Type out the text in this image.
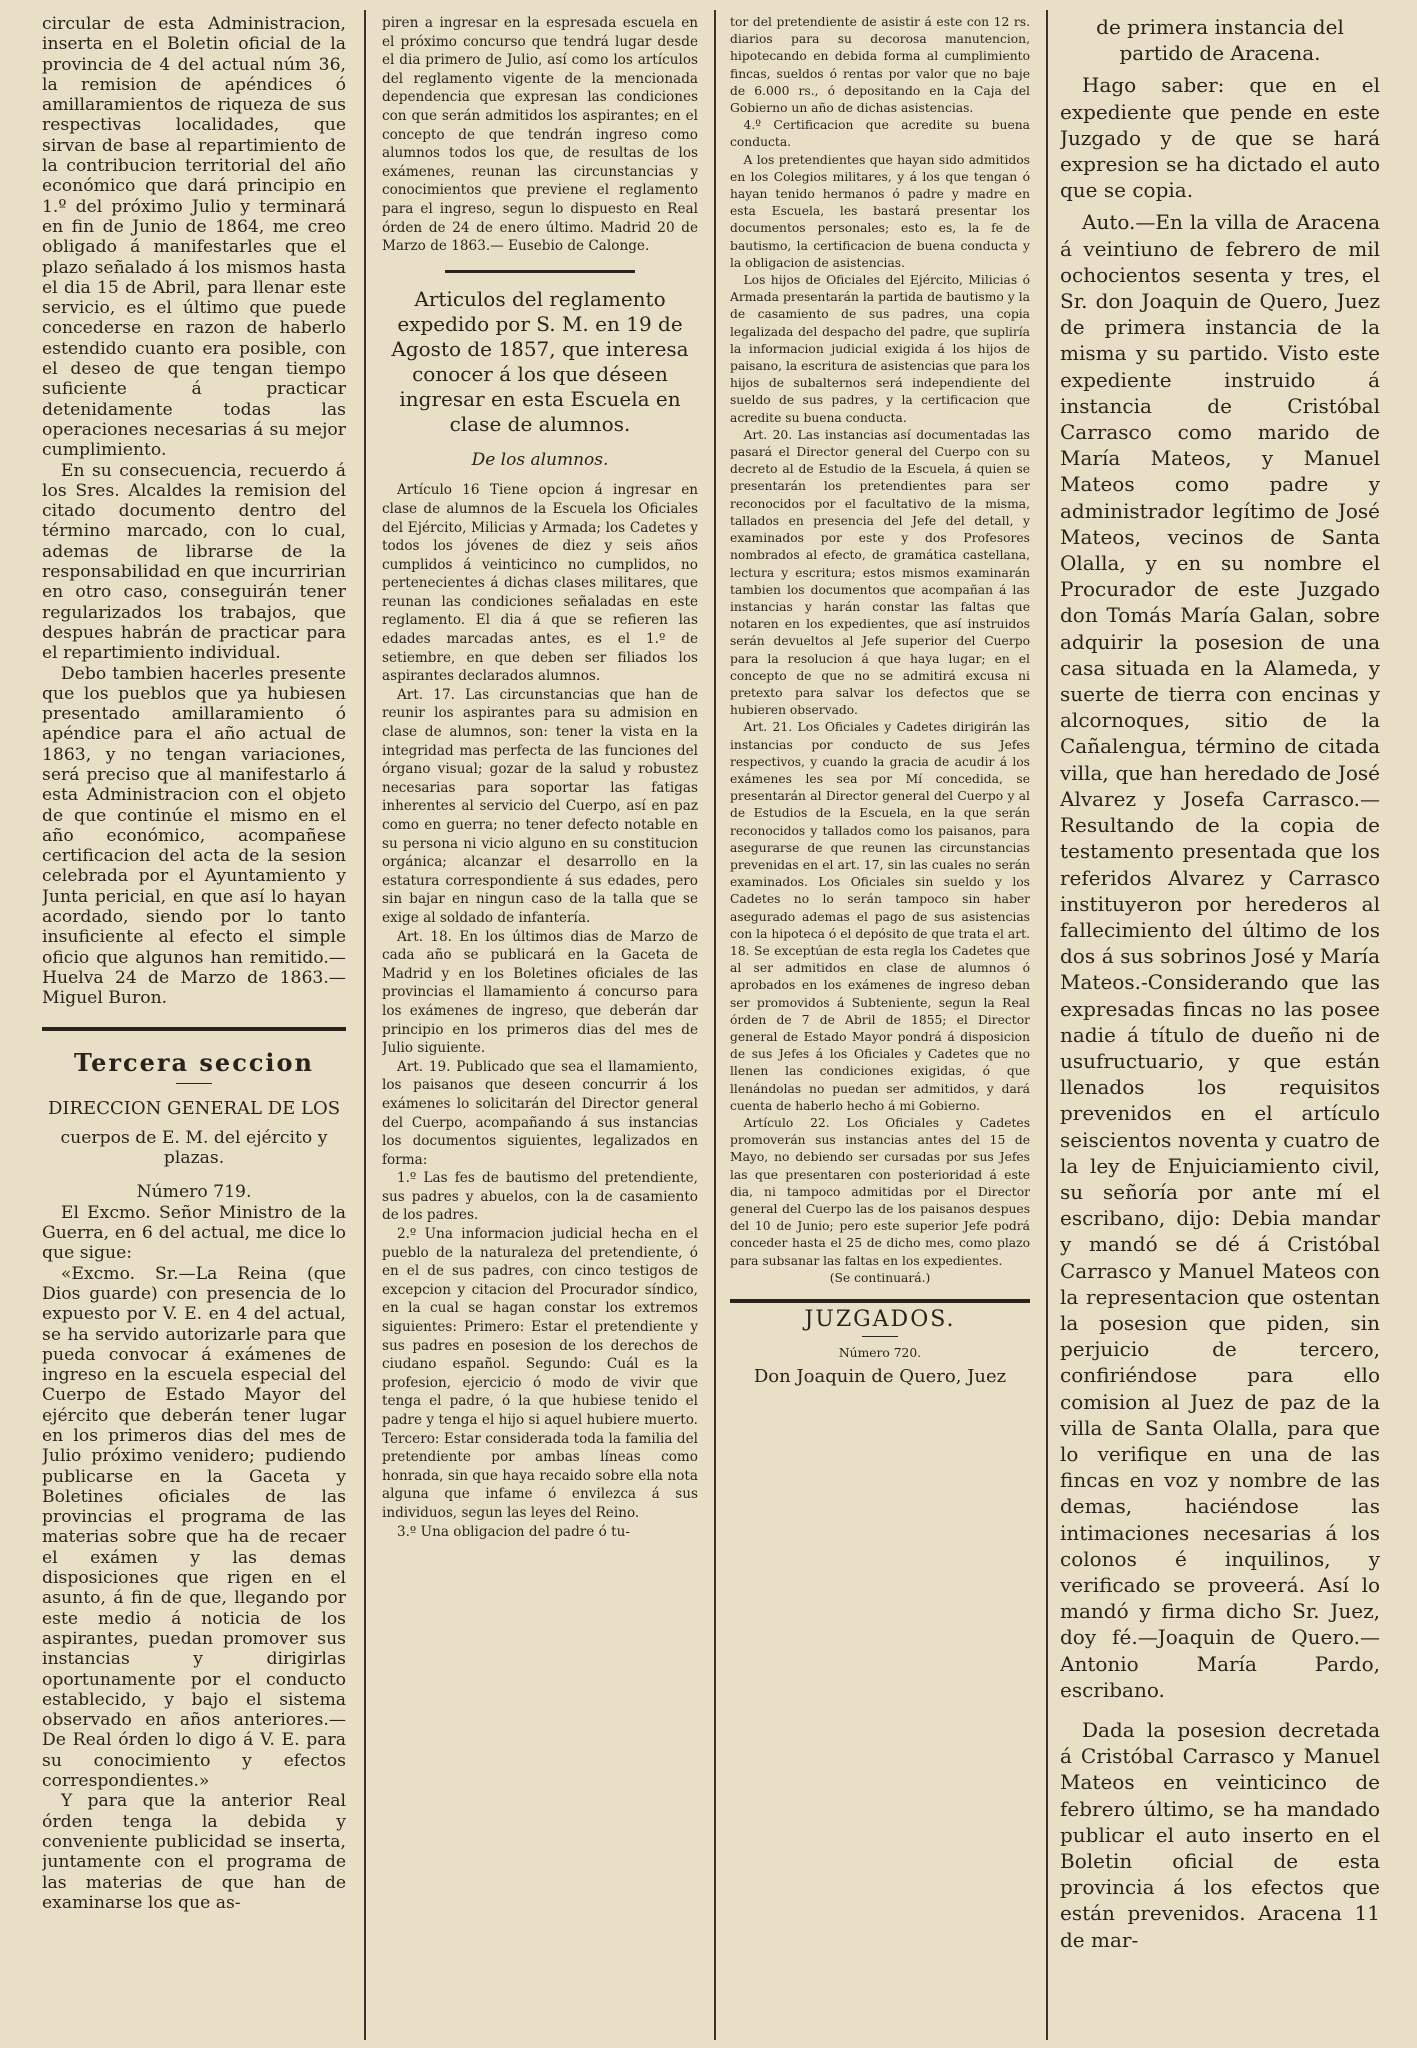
circular de esta Administracion, inserta en el Boletin oficial de la provincia de 4 del actual núm 36, la remision de apéndices ó amillaramientos de riqueza de sus respectivas localidades, que sirvan de base al repartimiento de la contribucion territorial del año económico que dará principio en 1.º del próximo Julio y terminará en fin de Junio de 1864, me creo obligado á manifestarles que el plazo señalado á los mismos hasta el dia 15 de Abril, para llenar este servicio, es el último que puede concederse en razon de haberlo estendido cuanto era posible, con el deseo de que tengan tiempo suficiente á practicar detenidamente todas las operaciones necesarias á su mejor cumplimiento.

En su consecuencia, recuerdo á los Sres. Alcaldes la remision del citado documento dentro del término marcado, con lo cual, ademas de librarse de la responsabilidad en que incurririan en otro caso, conseguirán tener regularizados los trabajos, que despues habrán de practicar para el repartimiento individual.

Debo tambien hacerles presente que los pueblos que ya hubiesen presentado amillaramiento ó apéndice para el año actual de 1863, y no tengan variaciones, será preciso que al manifestarlo á esta Administracion con el objeto de que continúe el mismo en el año económico, acompañese certificacion del acta de la sesion celebrada por el Ayuntamiento y Junta pericial, en que así lo hayan acordado, siendo por lo tanto insuficiente al efecto el simple oficio que algunos han remitido.— Huelva 24 de Marzo de 1863.— Miguel Buron.

Tercera seccion

DIRECCION GENERAL DE LOS

cuerpos de E. M. del ejército y plazas.

Número 719.

El Excmo. Señor Ministro de la Guerra, en 6 del actual, me dice lo que sigue:

«Excmo. Sr.—La Reina (que Dios guarde) con presencia de lo expuesto por V. E. en 4 del actual, se ha servido autorizarle para que pueda convocar á exámenes de ingreso en la escuela especial del Cuerpo de Estado Mayor del ejército que deberán tener lugar en los primeros dias del mes de Julio próximo venidero; pudiendo publicarse en la Gaceta y Boletines oficiales de las provincias el programa de las materias sobre que ha de recaer el exámen y las demas disposiciones que rigen en el asunto, á fin de que, llegando por este medio á noticia de los aspirantes, puedan promover sus instancias y dirigirlas oportunamente por el conducto establecido, y bajo el sistema observado en años anteriores.—De Real órden lo digo á V. E. para su conocimiento y efectos correspondientes.»

Y para que la anterior Real órden tenga la debida y conveniente publicidad se inserta, juntamente con el programa de las materias de que han de examinarse los que as-

piren a ingresar en la espresada escuela en el próximo concurso que tendrá lugar desde el dia primero de Julio, así como los artículos del reglamento vigente de la mencionada dependencia que expresan las condiciones con que serán admitidos los aspirantes; en el concepto de que tendrán ingreso como alumnos todos los que, de resultas de los exámenes, reunan las circunstancias y conocimientos que previene el reglamento para el ingreso, segun lo dispuesto en Real órden de 24 de enero último. Madrid 20 de Marzo de 1863.— Eusebio de Calonge.

Articulos del reglamento expedido por S. M. en 19 de Agosto de 1857, que interesa conocer á los que déseen ingresar en esta Escuela en clase de alumnos.

De los alumnos.

Artículo 16 Tiene opcion á ingresar en clase de alumnos de la Escuela los Oficiales del Ejército, Milicias y Armada; los Cadetes y todos los jóvenes de diez y seis años cumplidos á veinticinco no cumplidos, no pertenecientes á dichas clases militares, que reunan las condiciones señaladas en este reglamento. El dia á que se refieren las edades marcadas antes, es el 1.º de setiembre, en que deben ser filiados los aspirantes declarados alumnos.

Art. 17. Las circunstancias que han de reunir los aspirantes para su admision en clase de alumnos, son: tener la vista en la integridad mas perfecta de las funciones del órgano visual; gozar de la salud y robustez necesarias para soportar las fatigas inherentes al servicio del Cuerpo, así en paz como en guerra; no tener defecto notable en su persona ni vicio alguno en su constitucion orgánica; alcanzar el desarrollo en la estatura correspondiente á sus edades, pero sin bajar en ningun caso de la talla que se exige al soldado de infantería.

Art. 18. En los últimos dias de Marzo de cada año se publicará en la Gaceta de Madrid y en los Boletines oficiales de las provincias el llamamiento á concurso para los exámenes de ingreso, que deberán dar principio en los primeros dias del mes de Julio siguiente.

Art. 19. Publicado que sea el llamamiento, los paisanos que deseen concurrir á los exámenes lo solicitarán del Director general del Cuerpo, acompañando á sus instancias los documentos siguientes, legalizados en forma:

1.º Las fes de bautismo del pretendiente, sus padres y abuelos, con la de casamiento de los padres.

2.º Una informacion judicial hecha en el pueblo de la naturaleza del pretendiente, ó en el de sus padres, con cinco testigos de excepcion y citacion del Procurador síndico, en la cual se hagan constar los extremos siguientes: Primero: Estar el pretendiente y sus padres en posesion de los derechos de ciudano español. Segundo: Cuál es la profesion, ejercicio ó modo de vivir que tenga el padre, ó la que hubiese tenido el padre y tenga el hijo si aquel hubiere muerto. Tercero: Estar considerada toda la familia del pretendiente por ambas líneas como honrada, sin que haya recaido sobre ella nota alguna que infame ó envilezca á sus individuos, segun las leyes del Reino.

3.º Una obligacion del padre ó tu-

tor del pretendiente de asistir á este con 12 rs. diarios para su decorosa manutencion, hipotecando en debida forma al cumplimiento fincas, sueldos ó rentas por valor que no baje de 6.000 rs., ó depositando en la Caja del Gobierno un año de dichas asistencias.

4.º Certificacion que acredite su buena conducta.

A los pretendientes que hayan sido admitidos en los Colegios militares, y á los que tengan ó hayan tenido hermanos ó padre y madre en esta Escuela, les bastará presentar los documentos personales; esto es, la fe de bautismo, la certificacion de buena conducta y la obligacion de asistencias.

Los hijos de Oficiales del Ejército, Milicias ó Armada presentarán la partida de bautismo y la de casamiento de sus padres, una copia legalizada del despacho del padre, que supliría la informacion judicial exigida á los hijos de paisano, la escritura de asistencias que para los hijos de subalternos será independiente del sueldo de sus padres, y la certificacion que acredite su buena conducta.

Art. 20. Las instancias así documentadas las pasará el Director general del Cuerpo con su decreto al de Estudio de la Escuela, á quien se presentarán los pretendientes para ser reconocidos por el facultativo de la misma, tallados en presencia del Jefe del detall, y examinados por este y dos Profesores nombrados al efecto, de gramática castellana, lectura y escritura; estos mismos examinarán tambien los documentos que acompañan á las instancias y harán constar las faltas que notaren en los expedientes, que así instruidos serán devueltos al Jefe superior del Cuerpo para la resolucion á que haya lugar; en el concepto de que no se admitirá excusa ni pretexto para salvar los defectos que se hubieren observado.

Art. 21. Los Oficiales y Cadetes dirigirán las instancias por conducto de sus Jefes respectivos, y cuando la gracia de acudir á los exámenes les sea por Mí concedida, se presentarán al Director general del Cuerpo y al de Estudios de la Escuela, en la que serán reconocidos y tallados como los paisanos, para asegurarse de que reunen las circunstancias prevenidas en el art. 17, sin las cuales no serán examinados. Los Oficiales sin sueldo y los Cadetes no lo serán tampoco sin haber asegurado ademas el pago de sus asistencias con la hipoteca ó el depósito de que trata el art. 18. Se exceptúan de esta regla los Cadetes que al ser admitidos en clase de alumnos ó aprobados en los exámenes de ingreso deban ser promovidos á Subteniente, segun la Real órden de 7 de Abril de 1855; el Director general de Estado Mayor pondrá á disposicion de sus Jefes á los Oficiales y Cadetes que no llenen las condiciones exigidas, ó que llenándolas no puedan ser admitidos, y dará cuenta de haberlo hecho á mi Gobierno.

Artículo 22. Los Oficiales y Cadetes promoverán sus instancias antes del 15 de Mayo, no debiendo ser cursadas por sus Jefes las que presentaren con posterioridad á este dia, ni tampoco admitidas por el Director general del Cuerpo las de los paisanos despues del 10 de Junio; pero este superior Jefe podrá conceder hasta el 25 de dicho mes, como plazo para subsanar las faltas en los expedientes.

(Se continuará.)

JUZGADOS.

Número 720.

Don Joaquin de Quero, Juez

de primera instancia del partido de Aracena.

Hago saber: que en el expediente que pende en este Juzgado y de que se hará expresion se ha dictado el auto que se copia.

Auto.—En la villa de Aracena á veintiuno de febrero de mil ochocientos sesenta y tres, el Sr. don Joaquin de Quero, Juez de primera instancia de la misma y su partido. Visto este expediente instruido á instancia de Cristóbal Carrasco como marido de María Mateos, y Manuel Mateos como padre y administrador legítimo de José Mateos, vecinos de Santa Olalla, y en su nombre el Procurador de este Juzgado don Tomás María Galan, sobre adquirir la posesion de una casa situada en la Alameda, y suerte de tierra con encinas y alcornoques, sitio de la Cañalengua, término de citada villa, que han heredado de José Alvarez y Josefa Carrasco.—Resultando de la copia de testamento presentada que los referidos Alvarez y Carrasco instituyeron por herederos al fallecimiento del último de los dos á sus sobrinos José y María Mateos.-Considerando que las expresadas fincas no las posee nadie á título de dueño ni de usufructuario, y que están llenados los requisitos prevenidos en el artículo seiscientos noventa y cuatro de la ley de Enjuiciamiento civil, su señoría por ante mí el escribano, dijo: Debia mandar y mandó se dé á Cristóbal Carrasco y Manuel Mateos con la representacion que ostentan la posesion que piden, sin perjuicio de tercero, confiriéndose para ello comision al Juez de paz de la villa de Santa Olalla, para que lo verifique en una de las fincas en voz y nombre de las demas, haciéndose las intimaciones necesarias á los colonos é inquilinos, y verificado se proveerá. Así lo mandó y firma dicho Sr. Juez, doy fé.—Joaquin de Quero.—Antonio María Pardo, escribano.

Dada la posesion decretada á Cristóbal Carrasco y Manuel Mateos en veinticinco de febrero último, se ha mandado publicar el auto inserto en el Boletin oficial de esta provincia á los efectos que están prevenidos. Aracena 11 de mar-
